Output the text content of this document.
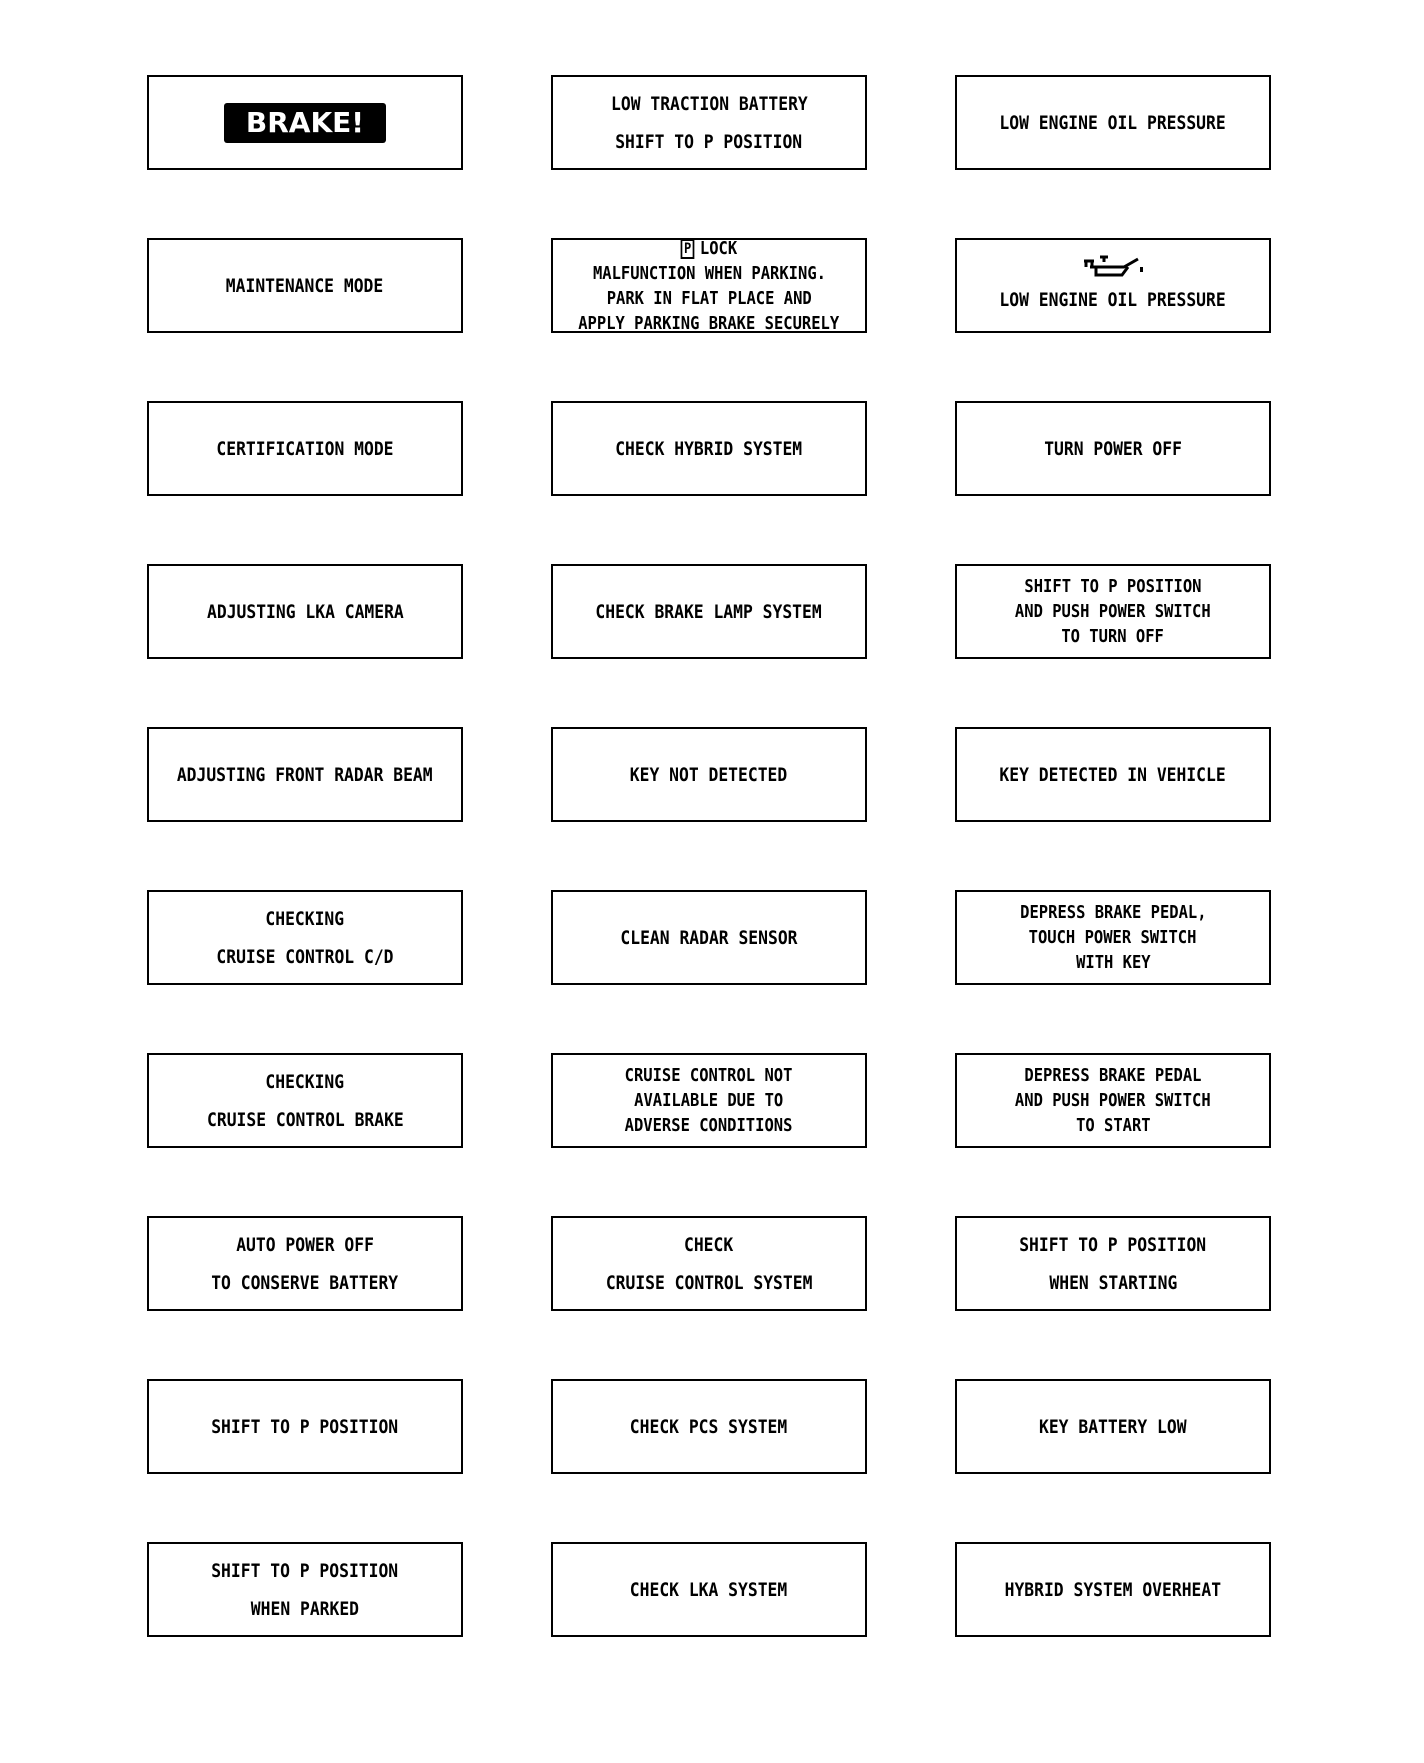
BRAKE!
LOW TRACTION BATTERY
SHIFT TO P POSITION
LOW ENGINE OIL PRESSURE
MAINTENANCE MODE
P LOCK
MALFUNCTION WHEN PARKING.
PARK IN FLAT PLACE AND
APPLY PARKING BRAKE SECURELY
LOW ENGINE OIL PRESSURE
CERTIFICATION MODE	CHECK HYBRID SYSTEM	TURN POWER OFF
ADJUSTING LKA CAMERA	CHECK BRAKE LAMP SYSTEM
SHIFT TO P POSITION
AND PUSH POWER SWITCH
TO TURN OFF
ADJUSTING FRONT RADAR BEAM	KEY NOT DETECTED	KEY DETECTED IN VEHICLE
CHECKING
CRUISE CONTROL C/D
CLEAN RADAR SENSOR
DEPRESS BRAKE PEDAL,
TOUCH POWER SWITCH
WITH KEY
CHECKING
CRUISE CONTROL BRAKE
CRUISE CONTROL NOT
AVAILABLE DUE TO
ADVERSE CONDITIONS
DEPRESS BRAKE PEDAL
AND PUSH POWER SWITCH
TO START
AUTO POWER OFF
TO CONSERVE BATTERY
CHECK
CRUISE CONTROL SYSTEM
SHIFT TO P POSITION
WHEN STARTING
SHIFT TO P POSITION	CHECK PCS SYSTEM	KEY BATTERY LOW
SHIFT TO P POSITION
WHEN PARKED
CHECK LKA SYSTEM	HYBRID SYSTEM OVERHEAT
